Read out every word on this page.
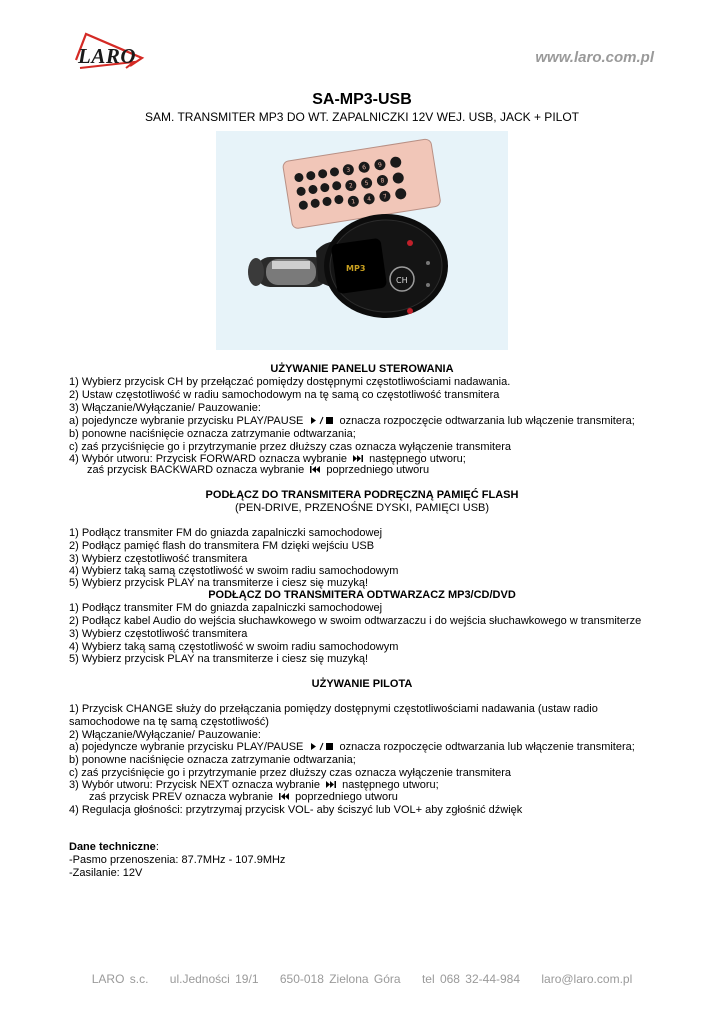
LARO	www.laro.com.pl
SA-MP3-USB
SAM. TRANSMITER MP3 DO WT. ZAPALNICZKI 12V WEJ. USB, JACK + PILOT
3 6 9
2 5 8
1 4 7
CH
MP3
UŻYWANIE PANELU STEROWANIA
1) Wybierz przycisk CH by przełączać pomiędzy dostępnymi częstotliwościami nadawania.
2) Ustaw częstotliwość w radiu samochodowym na tę samą co częstotliwość transmitera
3) Włączanie/Wyłączanie/ Pauzowanie:
a) pojedyncze wybranie przycisku PLAY/PAUSE	oznacza rozpoczęcie odtwarzania lub włączenie transmitera;
b) ponowne naciśnięcie oznacza zatrzymanie odtwarzania;
c) zaś przyciśnięcie go i przytrzymanie przez dłuższy czas oznacza wyłączenie transmitera
4) Wybór utworu: Przycisk FORWARD oznacza wybranie następnego utworu;
zaś przycisk BACKWARD oznacza wybranie poprzedniego utworu
PODŁĄCZ DO TRANSMITERA PODRĘCZNĄ PAMIĘĆ FLASH
(PEN-DRIVE, PRZENOŚNE DYSKI, PAMIĘCI USB)
1) Podłącz transmiter FM do gniazda zapalniczki samochodowej
2) Podłącz pamięć flash do transmitera FM dzięki wejściu USB
3) Wybierz częstotliwość transmitera
4) Wybierz taką samą częstotliwość w swoim radiu samochodowym
5) Wybierz przycisk PLAY na transmiterze i ciesz się muzyką!
PODŁĄCZ DO TRANSMITERA ODTWARZACZ MP3/CD/DVD
1) Podłącz transmiter FM do gniazda zapalniczki samochodowej
2) Podłącz kabel Audio do wejścia słuchawkowego w swoim odtwarzaczu i do wejścia słuchawkowego w transmiterze
3) Wybierz częstotliwość transmitera
4) Wybierz taką samą częstotliwość w swoim radiu samochodowym
5) Wybierz przycisk PLAY na transmiterze i ciesz się muzyką!
UŻYWANIE PILOTA
1) Przycisk CHANGE służy do przełączania pomiędzy dostępnymi częstotliwościami nadawania (ustaw radio
samochodowe na tę samą częstotliwość)
2) Włączanie/Wyłączanie/ Pauzowanie:
a) pojedyncze wybranie przycisku PLAY/PAUSE	oznacza rozpoczęcie odtwarzania lub włączenie transmitera;
b) ponowne naciśnięcie oznacza zatrzymanie odtwarzania;
c) zaś przyciśnięcie go i przytrzymanie przez dłuższy czas oznacza wyłączenie transmitera
3) Wybór utworu: Przycisk NEXT oznacza wybranie następnego utworu;
zaś przycisk PREV oznacza wybranie poprzedniego utworu
4) Regulacja głośności: przytrzymaj przycisk VOL- aby ściszyć lub VOL+ aby zgłośnić dźwięk
Dane techniczne:
-Pasmo przenoszenia: 87.7MHz - 107.9MHz
-Zasilanie: 12V
LARO s.c. ul.Jedności 19/1 650-018 Zielona Góra tel 068 32-44-984 laro@laro.com.pl
